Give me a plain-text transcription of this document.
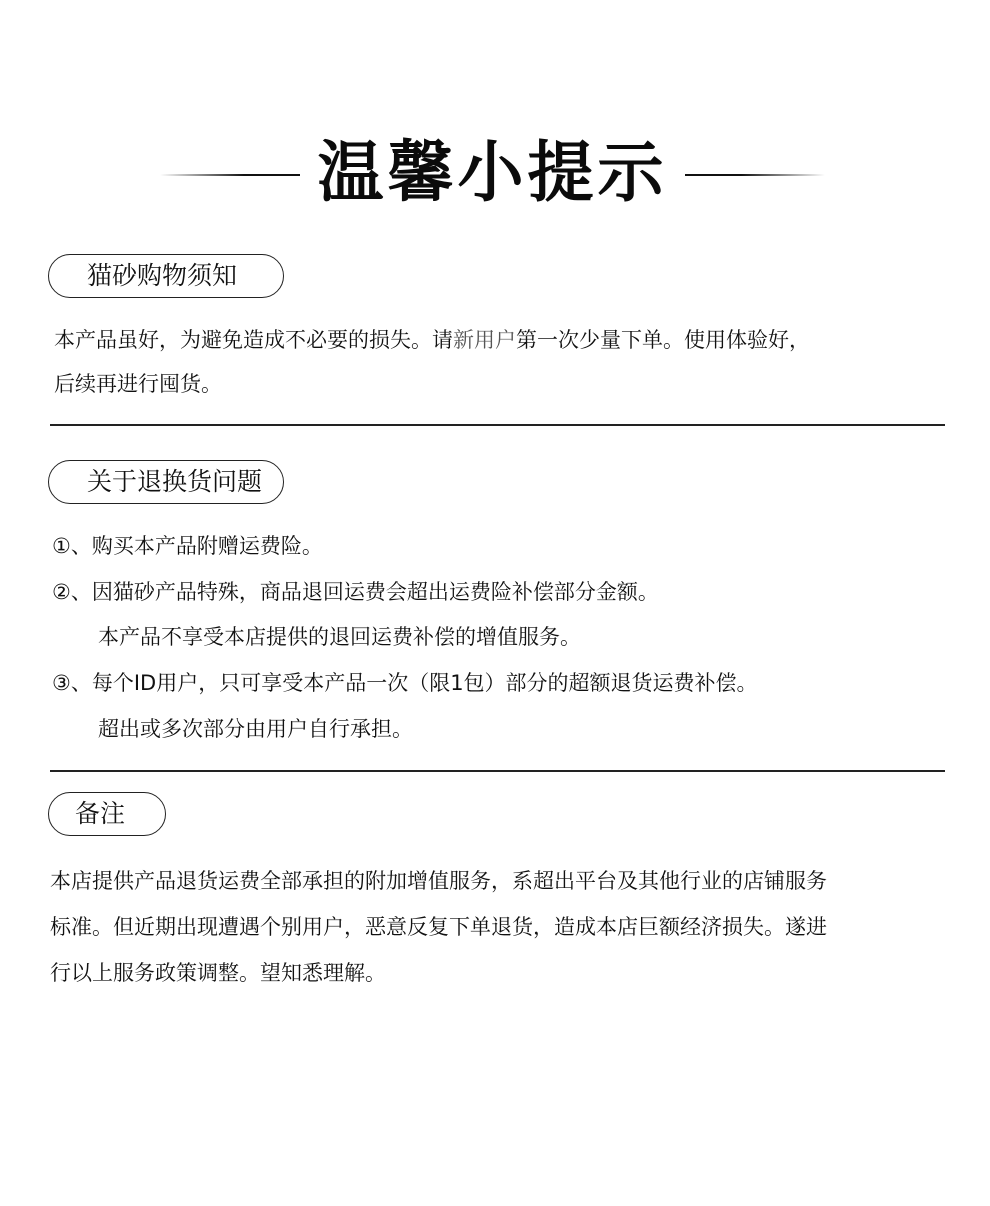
温馨小提示
猫砂购物须知
本产品虽好，为避免造成不必要的损失。请新用户第一次少量下单。使用体验好，
后续再进行囤货。
关于退换货问题
①、购买本产品附赠运费险。
②、因猫砂产品特殊，商品退回运费会超出运费险补偿部分金额。
本产品不享受本店提供的退回运费补偿的增值服务。
③、每个ID用户，只可享受本产品一次（限1包）部分的超额退货运费补偿。
超出或多次部分由用户自行承担。
备注
本店提供产品退货运费全部承担的附加增值服务，系超出平台及其他行业的店铺服务
标准。但近期出现遭遇个别用户，恶意反复下单退货，造成本店巨额经济损失。遂进
行以上服务政策调整。望知悉理解。
